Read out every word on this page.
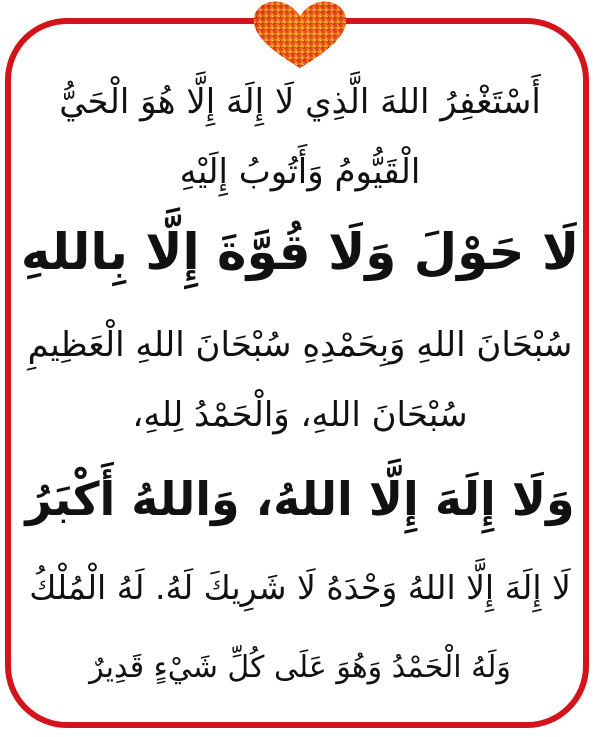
أَسْتَغْفِرُ اللهَ الَّذِي لَا إِلَهَ إِلَّا هُوَ الْحَيُّ
الْقَيُّومُ وَأَتُوبُ إِلَيْهِ
لَا حَوْلَ وَلَا قُوَّةَ إِلَّا بِاللهِ
سُبْحَانَ اللهِ وَبِحَمْدِهِ سُبْحَانَ اللهِ الْعَظِيمِ
سُبْحَانَ اللهِ، وَالْحَمْدُ لِلهِ،
وَلَا إِلَهَ إِلَّا اللهُ، وَاللهُ أَكْبَرُ
لَا إِلَهَ إِلَّا اللهُ وَحْدَهُ لَا شَرِيكَ لَهُ. لَهُ الْمُلْكُ
وَلَهُ الْحَمْدُ وَهُوَ عَلَى كُلِّ شَيْءٍ قَدِيرٌ
